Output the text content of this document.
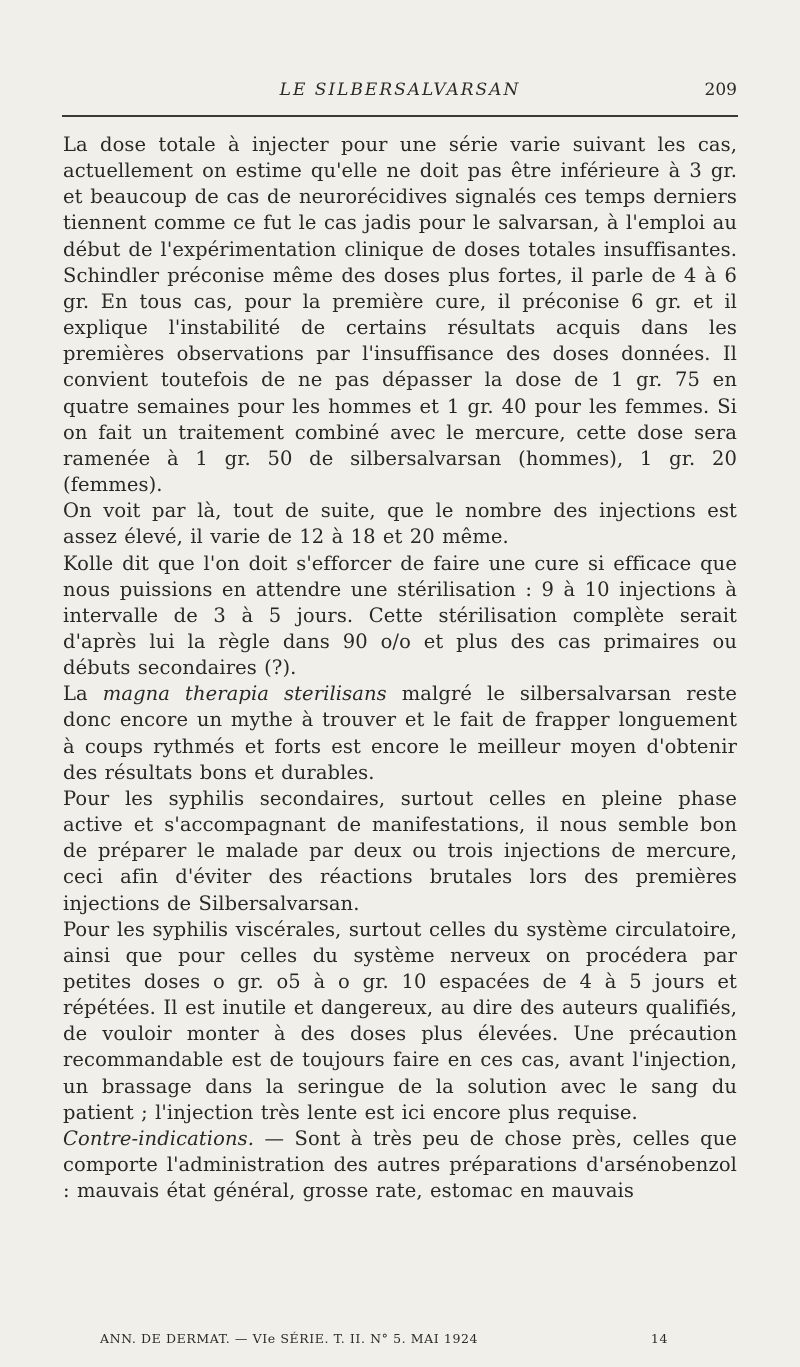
LE SILBERSALVARSAN	209

La dose totale à injecter pour une série varie suivant les cas, actuellement on estime qu'elle ne doit pas être inférieure à 3 gr. et beaucoup de cas de neurorécidives signalés ces temps derniers tiennent comme ce fut le cas jadis pour le salvarsan, à l'emploi au début de l'expérimentation clinique de doses totales insuffisantes. Schindler préconise même des doses plus fortes, il parle de 4 à 6 gr. En tous cas, pour la première cure, il préconise 6 gr. et il explique l'instabilité de certains résultats acquis dans les premières observations par l'insuffisance des doses données. Il convient toutefois de ne pas dépasser la dose de 1 gr. 75 en quatre semaines pour les hommes et 1 gr. 40 pour les femmes. Si on fait un traitement combiné avec le mercure, cette dose sera ramenée à 1 gr. 50 de silbersalvarsan (hommes), 1 gr. 20 (femmes).

On voit par là, tout de suite, que le nombre des injections est assez élevé, il varie de 12 à 18 et 20 même.

Kolle dit que l'on doit s'efforcer de faire une cure si efficace que nous puissions en attendre une stérilisation : 9 à 10 injections à intervalle de 3 à 5 jours. Cette stérilisation complète serait d'après lui la règle dans 90 o/o et plus des cas primaires ou débuts secondaires (?).

La magna therapia sterilisans malgré le silbersalvarsan reste donc encore un mythe à trouver et le fait de frapper longuement à coups rythmés et forts est encore le meilleur moyen d'obtenir des résultats bons et durables.

Pour les syphilis secondaires, surtout celles en pleine phase active et s'accompagnant de manifestations, il nous semble bon de préparer le malade par deux ou trois injections de mercure, ceci afin d'éviter des réactions brutales lors des premières injections de Silbersalvarsan.

Pour les syphilis viscérales, surtout celles du système circulatoire, ainsi que pour celles du système nerveux on procédera par petites doses o gr. o5 à o gr. 10 espacées de 4 à 5 jours et répétées. Il est inutile et dangereux, au dire des auteurs qualifiés, de vouloir monter à des doses plus élevées. Une précaution recommandable est de toujours faire en ces cas, avant l'injection, un brassage dans la seringue de la solution avec le sang du patient ; l'injection très lente est ici encore plus requise.

Contre-indications. — Sont à très peu de chose près, celles que comporte l'administration des autres préparations d'arsénobenzol : mauvais état général, grosse rate, estomac en mauvais

ANN. DE DERMAT. — VIe SÉRIE. T. II. N° 5. MAI 1924	14
